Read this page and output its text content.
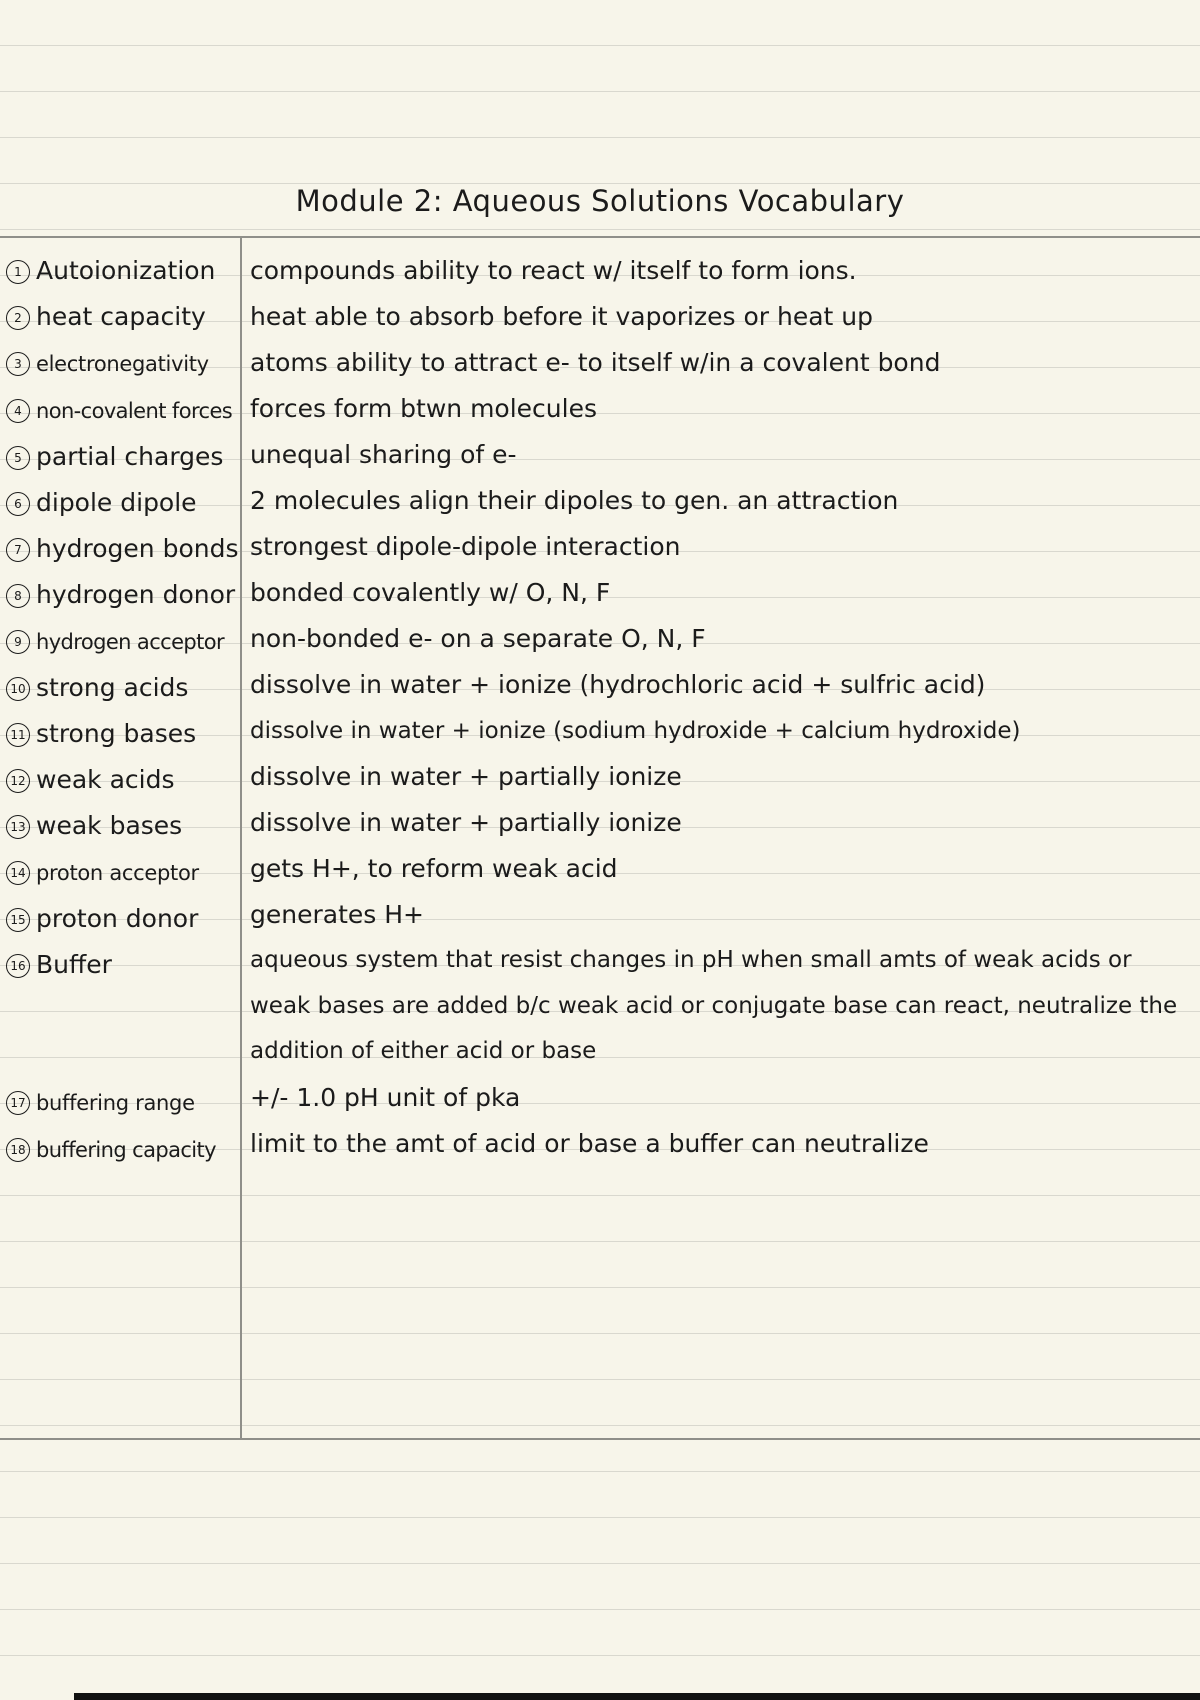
Module 2: Aqueous Solutions Vocabulary
1 Autoionization
2 heat capacity
3 electronegativity
4 non-covalent forces
5 partial charges
6 dipole dipole
7 hydrogen bonds
8 hydrogen donor
9 hydrogen acceptor
10 strong acids
11 strong bases
12 weak acids
13 weak bases
14 proton acceptor
15 proton donor
16 Buffer
17 buffering range
18 buffering capacity
compounds ability to react w/ itself to form ions.
heat able to absorb before it vaporizes or heat up
atoms ability to attract e- to itself w/in a covalent bond
forces form btwn molecules
unequal sharing of e-
2 molecules align their dipoles to gen. an attraction
strongest dipole-dipole interaction
bonded covalently w/ O, N, F
non-bonded e- on a separate O, N, F
dissolve in water + ionize (hydrochloric acid + sulfric acid)
dissolve in water + ionize (sodium hydroxide + calcium hydroxide)
dissolve in water + partially ionize
dissolve in water + partially ionize
gets H+, to reform weak acid
generates H+
aqueous system that resist changes in pH when small amts of weak acids or weak bases are added b/c weak acid or conjugate base can react, neutralize the addition of either acid or base
+/- 1.0 pH unit of pka
limit to the amt of acid or base a buffer can neutralize
